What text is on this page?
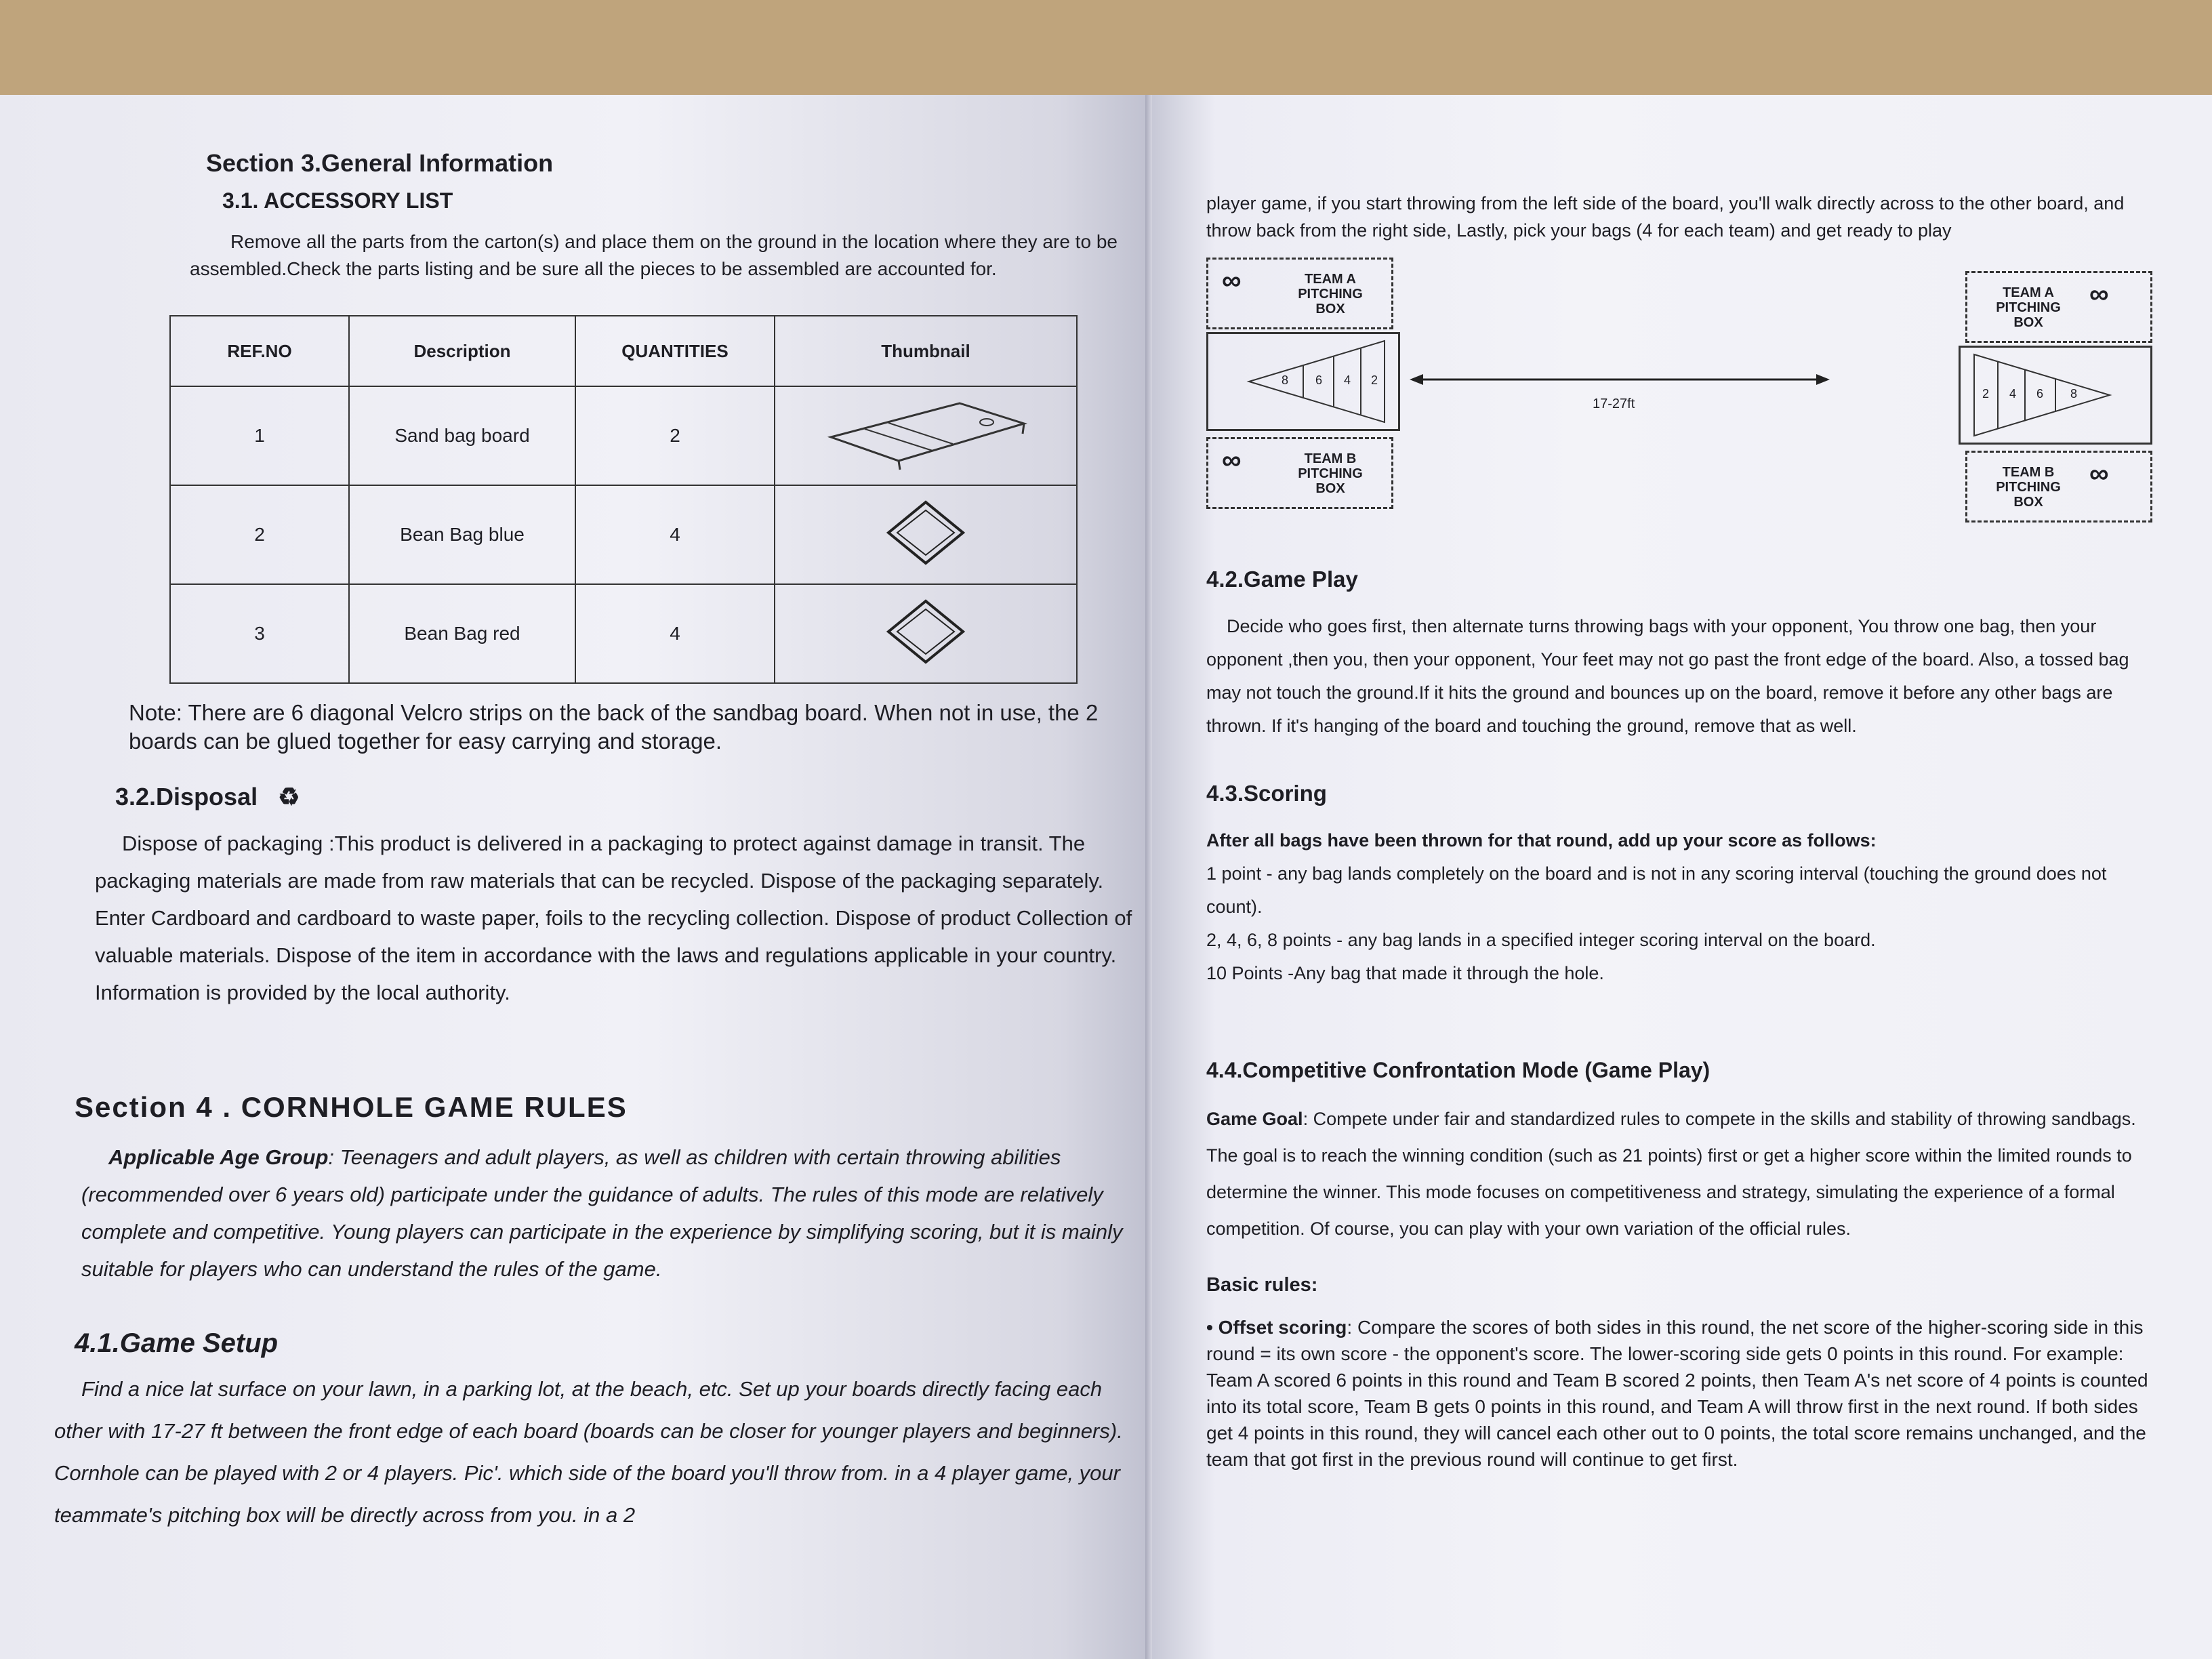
Section 3.General Information
3.1. ACCESSORY LIST

Remove all the parts from the carton(s) and place them on the ground in the location where they are to be assembled.Check the parts listing and be sure all the pieces to be assembled are accounted for.

REF.NO	Description	QUANTITIES	Thumbnail
1	Sand bag board	2	
2	Bean Bag blue	4	
3	Bean Bag red	4	

Note: There are 6 diagonal Velcro strips on the back of the sandbag board. When not in use, the 2 boards can be glued together for easy carrying and storage.

3.2.Disposal ♻

Dispose of packaging :This product is delivered in a packaging to protect against damage in transit. The packaging materials are made from raw materials that can be recycled. Dispose of the packaging separately. Enter Cardboard and cardboard to waste paper, foils to the recycling collection. Dispose of product Collection of valuable materials. Dispose of the item in accordance with the laws and regulations applicable in your country. Information is provided by the local authority.

Section 4 . CORNHOLE GAME RULES

Applicable Age Group: Teenagers and adult players, as well as children with certain throwing abilities (recommended over 6 years old) participate under the guidance of adults. The rules of this mode are relatively complete and competitive. Young players can participate in the experience by simplifying scoring, but it is mainly suitable for players who can understand the rules of the game.

4.1.Game Setup

Find a nice lat surface on your lawn, in a parking lot, at the beach, etc. Set up your boards directly facing each other with 17-27 ft between the front edge of each board (boards can be closer for younger players and beginners). Cornhole can be played with 2 or 4 players. Pic'. which side of the board you'll throw from. in a 4 player game, your teammate's pitching box will be directly across from you. in a 2

player game, if you start throwing from the left side of the board, you'll walk directly across to the other board, and throw back from the right side, Lastly, pick your bags (4 for each team) and get ready to play

∞	TEAM A PITCHING BOX
8 6 4 2
∞	TEAM B PITCHING BOX
17-27ft
TEAM A PITCHING BOX
∞
8
6
4
2
TEAM B PITCHING BOX
∞
4.2.Game Play

Decide who goes first, then alternate turns throwing bags with your opponent, You throw one bag, then your opponent ,then you, then your opponent, Your feet may not go past the front edge of the board. Also, a tossed bag may not touch the ground.If it hits the ground and bounces up on the board, remove it before any other bags are thrown. If it's hanging of the board and touching the ground, remove that as well.

4.3.Scoring

After all bags have been thrown for that round, add up your score as follows:

1 point - any bag lands completely on the board and is not in any scoring interval (touching the ground does not count).

2, 4, 6, 8 points - any bag lands in a specified integer scoring interval on the board.

10 Points -Any bag that made it through the hole.

4.4.Competitive Confrontation Mode (Game Play)

Game Goal: Compete under fair and standardized rules to compete in the skills and stability of throwing sandbags. The goal is to reach the winning condition (such as 21 points) first or get a higher score within the limited rounds to determine the winner. This mode focuses on competitiveness and strategy, simulating the experience of a formal competition. Of course, you can play with your own variation of the official rules.

Basic rules:

• Offset scoring: Compare the scores of both sides in this round, the net score of the higher-scoring side in this round = its own score - the opponent's score. The lower-scoring side gets 0 points in this round. For example: Team A scored 6 points in this round and Team B scored 2 points, then Team A's net score of 4 points is counted into its total score, Team B gets 0 points in this round, and Team A will throw first in the next round. If both sides get 4 points in this round, they will cancel each other out to 0 points, the total score remains unchanged, and the team that got first in the previous round will continue to get first.
